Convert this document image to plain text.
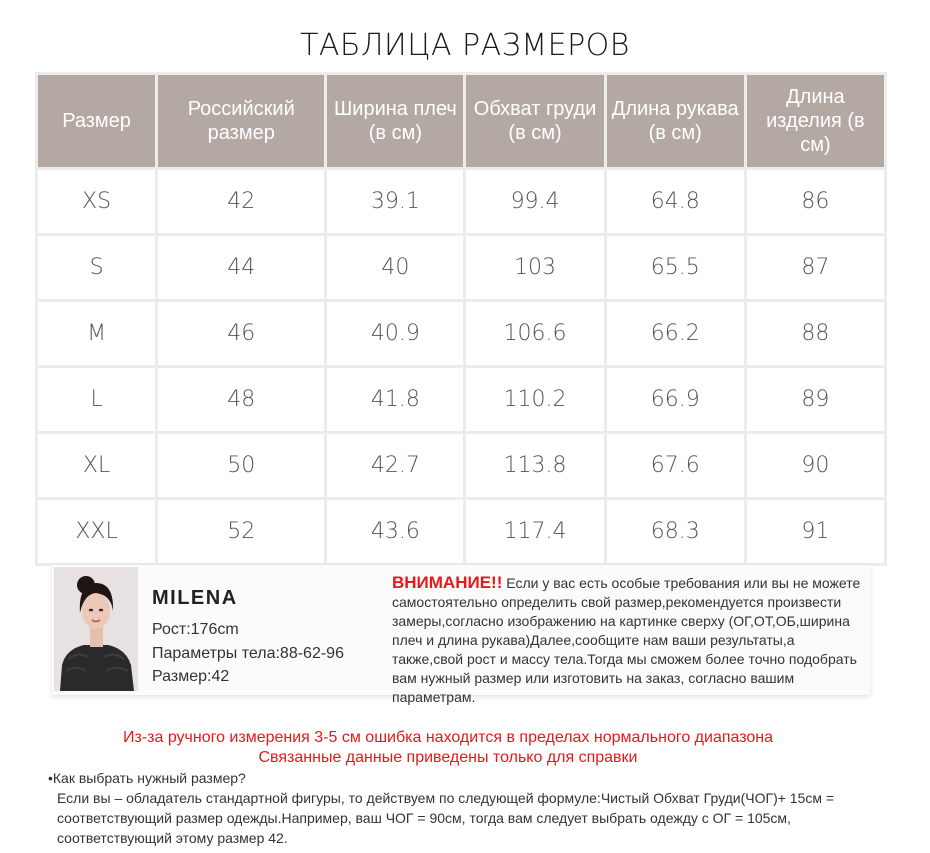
ТАБЛИЦА РАЗМЕРОВ
Размер	Российский размер	Ширина плеч (в см)	Обхват груди (в см)	Длина рукава (в см)	Длина изделия (в см)
XS	42	39.1	99.4	64.8	86
S	44	40	103	65.5	87
M	46	40.9	106.6	66.2	88
L	48	41.8	110.2	66.9	89
XL	50	42.7	113.8	67.6	90
XXL	52	43.6	117.4	68.3	91
MILENA
Рост:176cm
Параметры тела:88-62-96
Размер:42
ВНИМАНИЕ!! Если у вас есть особые требования или вы не можете самостоятельно определить свой размер,рекомендуется произвести замеры,согласно изображению на картинке сверху (ОГ,ОТ,ОБ,ширина плеч и длина рукава)Далее,сообщите нам ваши результаты,а также,свой рост и массу тела.Тогда мы сможем более точно подобрать вам нужный размер или изготовить на заказ, согласно вашим параметрам.
Из-за ручного измерения 3-5 см ошибка находится в пределах нормального диапазона
Связанные данные приведены только для справки
•Как выбрать нужный размер?
Если вы – обладатель стандартной фигуры, то действуем по следующей формуле:Чистый Обхват Груди(ЧОГ)+ 15см = соответствующий размер одежды.Например, ваш ЧОГ = 90см, тогда вам следует выбрать одежду с ОГ = 105см, соответствующий этому размер 42.
